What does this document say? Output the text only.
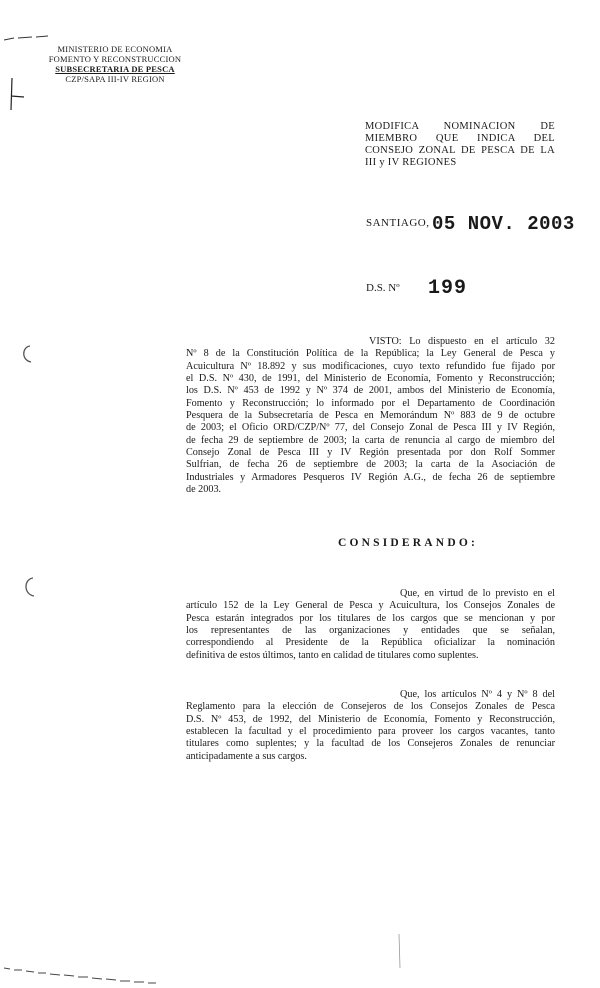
MINISTERIO DE ECONOMIA
FOMENTO Y RECONSTRUCCION
SUBSECRETARIA DE PESCA
CZP/SAPA III-IV REGION
MODIFICA NOMINACION DE
MIEMBRO QUE INDICA DEL
CONSEJO ZONAL DE PESCA DE LA
III y IV REGIONES
SANTIAGO, 05 NOV. 2003
D.S. Nº 199
VISTO: Lo dispuesto en el artículo 32
Nº 8 de la Constitución Política de la República; la Ley General de Pesca y
Acuicultura Nº 18.892 y sus modificaciones, cuyo texto refundido fue fijado por
el D.S. Nº 430, de 1991, del Ministerio de Economía, Fomento y Reconstrucción;
los D.S. Nº 453 de 1992 y Nº 374 de 2001, ambos del Ministerio de Economía,
Fomento y Reconstrucción; lo informado por el Departamento de Coordinación
Pesquera de la Subsecretaría de Pesca en Memorándum Nº 883 de 9 de octubre
de 2003; el Oficio ORD/CZP/Nº 77, del Consejo Zonal de Pesca III y IV Región,
de fecha 29 de septiembre de 2003; la carta de renuncia al cargo de miembro del
Consejo Zonal de Pesca III y IV Región presentada por don Rolf Sommer
Sulfrian, de fecha 26 de septiembre de 2003; la carta de la Asociación de
Industriales y Armadores Pesqueros IV Región A.G., de fecha 26 de septiembre
de 2003.
CONSIDERANDO:
Que, en virtud de lo previsto en el
artículo 152 de la Ley General de Pesca y Acuicultura, los Consejos Zonales de
Pesca estarán integrados por los titulares de los cargos que se mencionan y por
los representantes de las organizaciones y entidades que se señalan,
correspondiendo al Presidente de la República oficializar la nominación
definitiva de estos últimos, tanto en calidad de titulares como suplentes.
Que, los artículos Nº 4 y Nº 8 del
Reglamento para la elección de Consejeros de los Consejos Zonales de Pesca
D.S. Nº 453, de 1992, del Ministerio de Economía, Fomento y Reconstrucción,
establecen la facultad y el procedimiento para proveer los cargos vacantes, tanto
titulares como suplentes; y la facultad de los Consejeros Zonales de renunciar
anticipadamente a sus cargos.
